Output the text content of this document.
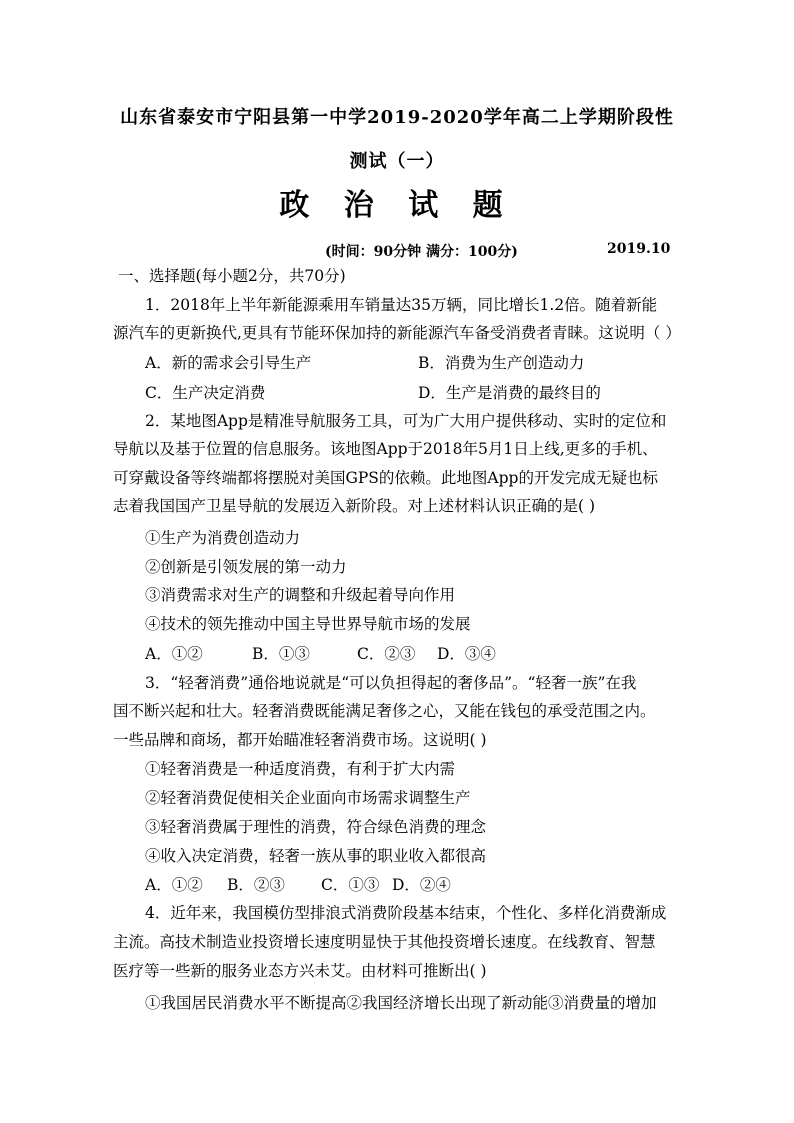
山东省泰安市宁阳县第一中学2019-2020学年高二上学期阶段性
测试（一）
政 治 试 题
(时间：90分钟 满分：100分)	2019.10
一、选择题(每小题2分，共70分)
1．2018年上半年新能源乘用车销量达35万辆，同比增长1.2倍。随着新能
源汽车的更新换代,更具有节能环保加持的新能源汽车备受消费者青睐。这说明（ ）
A．新的需求会引导生产	B．消费为生产创造动力
C．生产决定消费	D．生产是消费的最终目的
2．某地图App是精准导航服务工具，可为广大用户提供移动、实时的定位和
导航以及基于位置的信息服务。该地图App于2018年5月1日上线,更多的手机、
可穿戴设备等终端都将摆脱对美国GPS的依赖。此地图App的开发完成无疑也标
志着我国国产卫星导航的发展迈入新阶段。对上述材料认识正确的是( )
①生产为消费创造动力
②创新是引领发展的第一动力
③消费需求对生产的调整和升级起着导向作用
④技术的领先推动中国主导世界导航市场的发展
A．①②	B．①③	C．②③ D．③④
3．“轻奢消费”通俗地说就是“可以负担得起的奢侈品”。“轻奢一族”在我
国不断兴起和壮大。轻奢消费既能满足奢侈之心，又能在钱包的承受范围之内。
一些品牌和商场，都开始瞄准轻奢消费市场。这说明( )
①轻奢消费是一种适度消费，有利于扩大内需
②轻奢消费促使相关企业面向市场需求调整生产
③轻奢消费属于理性的消费，符合绿色消费的理念
④收入决定消费，轻奢一族从事的职业收入都很高
A．①② B．②③ C．①③ D．②④
4．近年来，我国模仿型排浪式消费阶段基本结束，个性化、多样化消费渐成
主流。高技术制造业投资增长速度明显快于其他投资增长速度。在线教育、智慧
医疗等一些新的服务业态方兴未艾。由材料可推断出( )
①我国居民消费水平不断提高②我国经济增长出现了新动能③消费量的增加
